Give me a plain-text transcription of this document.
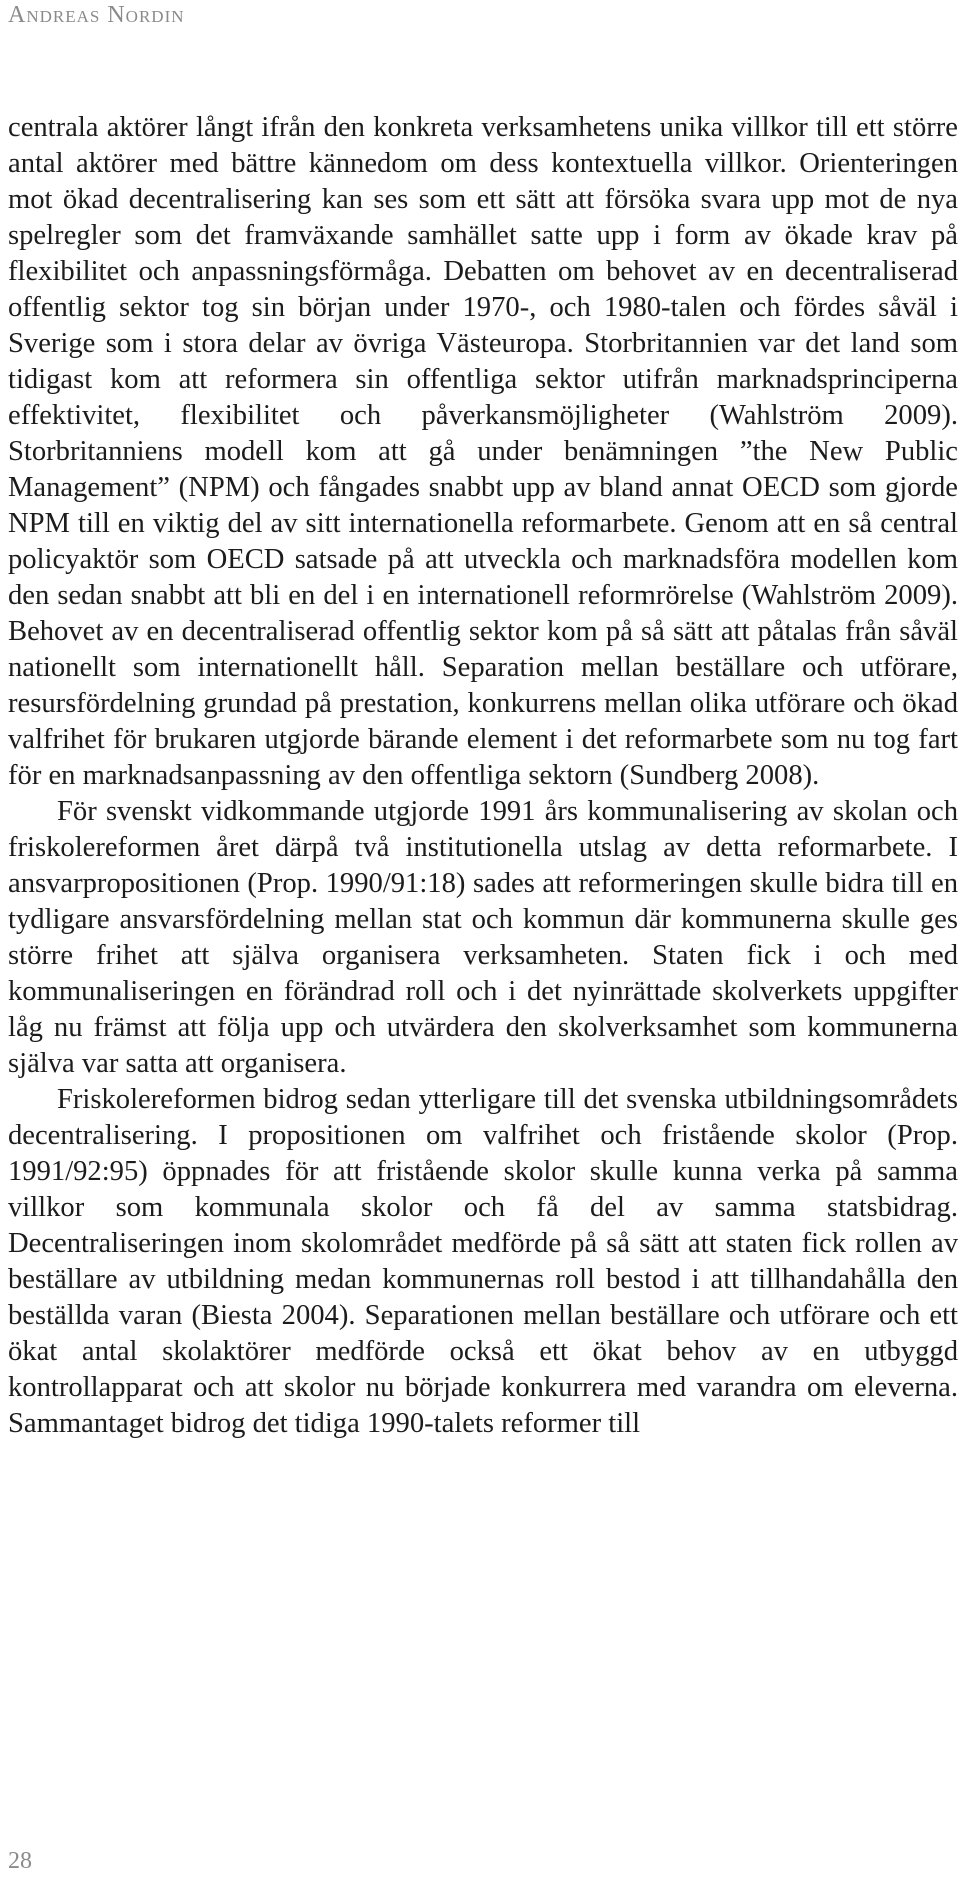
Andreas Nordin

centrala aktörer långt ifrån den konkreta verksamhetens unika villkor till ett större antal aktörer med bättre kännedom om dess kontextuella villkor. Orienteringen mot ökad decentralisering kan ses som ett sätt att försöka svara upp mot de nya spelregler som det framväxande samhället satte upp i form av ökade krav på flexibilitet och anpassningsförmåga. Debatten om behovet av en decentraliserad offentlig sektor tog sin början under 1970-, och 1980-talen och fördes såväl i Sverige som i stora delar av övriga Västeuropa. Storbritannien var det land som tidigast kom att reformera sin offentliga sektor utifrån marknadsprinciperna effektivitet, flexibilitet och påverkansmöjligheter (Wahlström 2009). Storbritanniens modell kom att gå under benämningen ”the New Public Management” (NPM) och fångades snabbt upp av bland annat OECD som gjorde NPM till en viktig del av sitt internationella reformarbete. Genom att en så central policyaktör som OECD satsade på att utveckla och marknadsföra modellen kom den sedan snabbt att bli en del i en internationell reformrörelse (Wahlström 2009). Behovet av en decentraliserad offentlig sektor kom på så sätt att påtalas från såväl nationellt som internationellt håll. Separation mellan beställare och utförare, resursfördelning grundad på prestation, konkurrens mellan olika utförare och ökad valfrihet för brukaren utgjorde bärande element i det reformarbete som nu tog fart för en marknadsanpassning av den offentliga sektorn (Sundberg 2008).

För svenskt vidkommande utgjorde 1991 års kommunalisering av skolan och friskolereformen året därpå två institutionella utslag av detta reformarbete. I ansvarpropositionen (Prop. 1990/91:18) sades att reformeringen skulle bidra till en tydligare ansvarsfördelning mellan stat och kommun där kommunerna skulle ges större frihet att själva organisera verksamheten. Staten fick i och med kommunaliseringen en förändrad roll och i det nyinrättade skolverkets uppgifter låg nu främst att följa upp och utvärdera den skolverksamhet som kommunerna själva var satta att organisera.

Friskolereformen bidrog sedan ytterligare till det svenska utbildningsområdets decentralisering. I propositionen om valfrihet och fristående skolor (Prop. 1991/92:95) öppnades för att fristående skolor skulle kunna verka på samma villkor som kommunala skolor och få del av samma statsbidrag. Decentraliseringen inom skolområdet medförde på så sätt att staten fick rollen av beställare av utbildning medan kommunernas roll bestod i att tillhandahålla den beställda varan (Biesta 2004). Separationen mellan beställare och utförare och ett ökat antal skolaktörer medförde också ett ökat behov av en utbyggd kontrollapparat och att skolor nu började konkurrera med varandra om eleverna. Sammantaget bidrog det tidiga 1990-talets reformer till

28
